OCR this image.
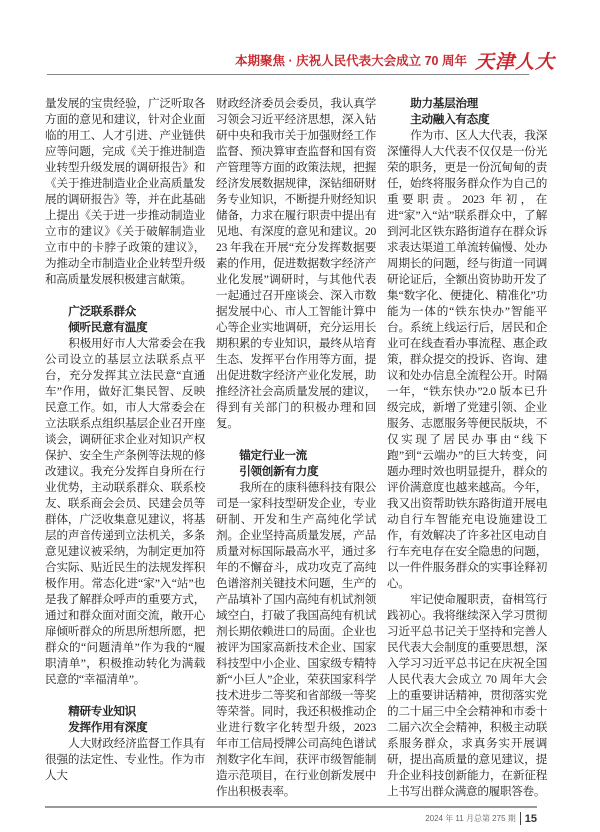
本期聚焦 · 庆祝人民代表大会成立 70 周年 天津人大

量发展的宝贵经验，广泛听取各方面的意见和建议，针对企业面临的用工、人才引进、产业链供应等问题，完成《关于推进制造业转型升级发展的调研报告》和《关于推进制造业企业高质量发展的调研报告》等，并在此基础上提出《关于进一步推动制造业立市的建议》《关于破解制造业立市中的卡脖子政策的建议》，为推动全市制造业企业转型升级和高质量发展积极建言献策。

广泛联系群众
倾听民意有温度

积极用好市人大常委会在我公司设立的基层立法联系点平台，充分发挥其立法民意“直通车”作用，做好汇集民智、反映民意工作。如，市人大常委会在立法联系点组织基层企业召开座谈会，调研征求企业对知识产权保护、安全生产条例等法规的修改建议。我充分发挥自身所在行业优势，主动联系群众、联系校友、联系商会会员、民建会员等群体，广泛收集意见建议，将基层的声音传递到立法机关，多条意见建议被采纳，为制定更加符合实际、贴近民生的法规发挥积极作用。常态化进“家”入“站”也是我了解群众呼声的重要方式，通过和群众面对面交流，敞开心扉倾听群众的所思所想所愿，把群众的“问题清单”作为我的“履职清单”，积极推动转化为满载民意的“幸福清单”。

精研专业知识
发挥作用有深度

人大财政经济监督工作具有很强的法定性、专业性。作为市人大

财政经济委员会委员，我认真学习领会习近平经济思想，深入钻研中央和我市关于加强财经工作监督、预决算审查监督和国有资产管理等方面的政策法规，把握经济发展数据规律，深钻细研财务专业知识，不断提升财经知识储备，力求在履行职责中提出有见地、有深度的意见和建议。2023 年我在开展“充分发挥数据要素的作用，促进数据数字经济产业化发展”调研时，与其他代表一起通过召开座谈会、深入市数据发展中心、市人工智能计算中心等企业实地调研，充分运用长期积累的专业知识，最终从培育生态、发挥平台作用等方面，提出促进数字经济产业化发展，助推经济社会高质量发展的建议，得到有关部门的积极办理和回复。

锚定行业一流
引领创新有力度

我所在的康科德科技有限公司是一家科技型研发企业，专业研制、开发和生产高纯化学试剂。企业坚持高质量发展，产品质量对标国际最高水平，通过多年的不懈奋斗，成功攻克了高纯色谱溶剂关键技术问题，生产的产品填补了国内高纯有机试剂领域空白，打破了我国高纯有机试剂长期依赖进口的局面。企业也被评为国家高新技术企业、国家科技型中小企业、国家级专精特新“小巨人”企业，荣获国家科学技术进步二等奖和省部级一等奖等荣誉。同时，我还积极推动企业进行数字化转型升级，2023 年市工信局授牌公司高纯色谱试剂数字化车间，获评市级智能制造示范项目，在行业创新发展中作出积极表率。

助力基层治理
主动融入有态度

作为市、区人大代表，我深深懂得人大代表不仅仅是一份光荣的职务，更是一份沉甸甸的责任，始终将服务群众作为自己的重要职责。2023 年初，在进“家”入“站”联系群众中，了解到河北区铁东路街道存在群众诉求表达渠道工单流转偏慢、处办周期长的问题，经与街道一同调研论证后，全额出资协助开发了集“数字化、便捷化、精准化”功能为一体的“铁东快办”智能平台。系统上线运行后，居民和企业可在线查看办事流程、惠企政策，群众提交的投诉、咨询、建议和处办信息全流程公开。时隔一年，“铁东快办”2.0 版本已升级完成，新增了党建引领、企业服务、志愿服务等便民版块，不仅实现了居民办事由“线下跑”到“云端办”的巨大转变，问题办理时效也明显提升，群众的评价满意度也越来越高。今年，我又出资帮助铁东路街道开展电动自行车智能充电设施建设工作，有效解决了许多社区电动自行车充电存在安全隐患的问题，以一件件服务群众的实事诠释初心。

牢记使命履职责，奋楫笃行践初心。我将继续深入学习贯彻习近平总书记关于坚持和完善人民代表大会制度的重要思想，深入学习习近平总书记在庆祝全国人民代表大会成立 70 周年大会上的重要讲话精神，贯彻落实党的二十届三中全会精神和市委十二届六次全会精神，积极主动联系服务群众，求真务实开展调研，提出高质量的意见建议，提升企业科技创新能力，在新征程上书写出群众满意的履职答卷。

2024 年 11 月总第 275 期 15
